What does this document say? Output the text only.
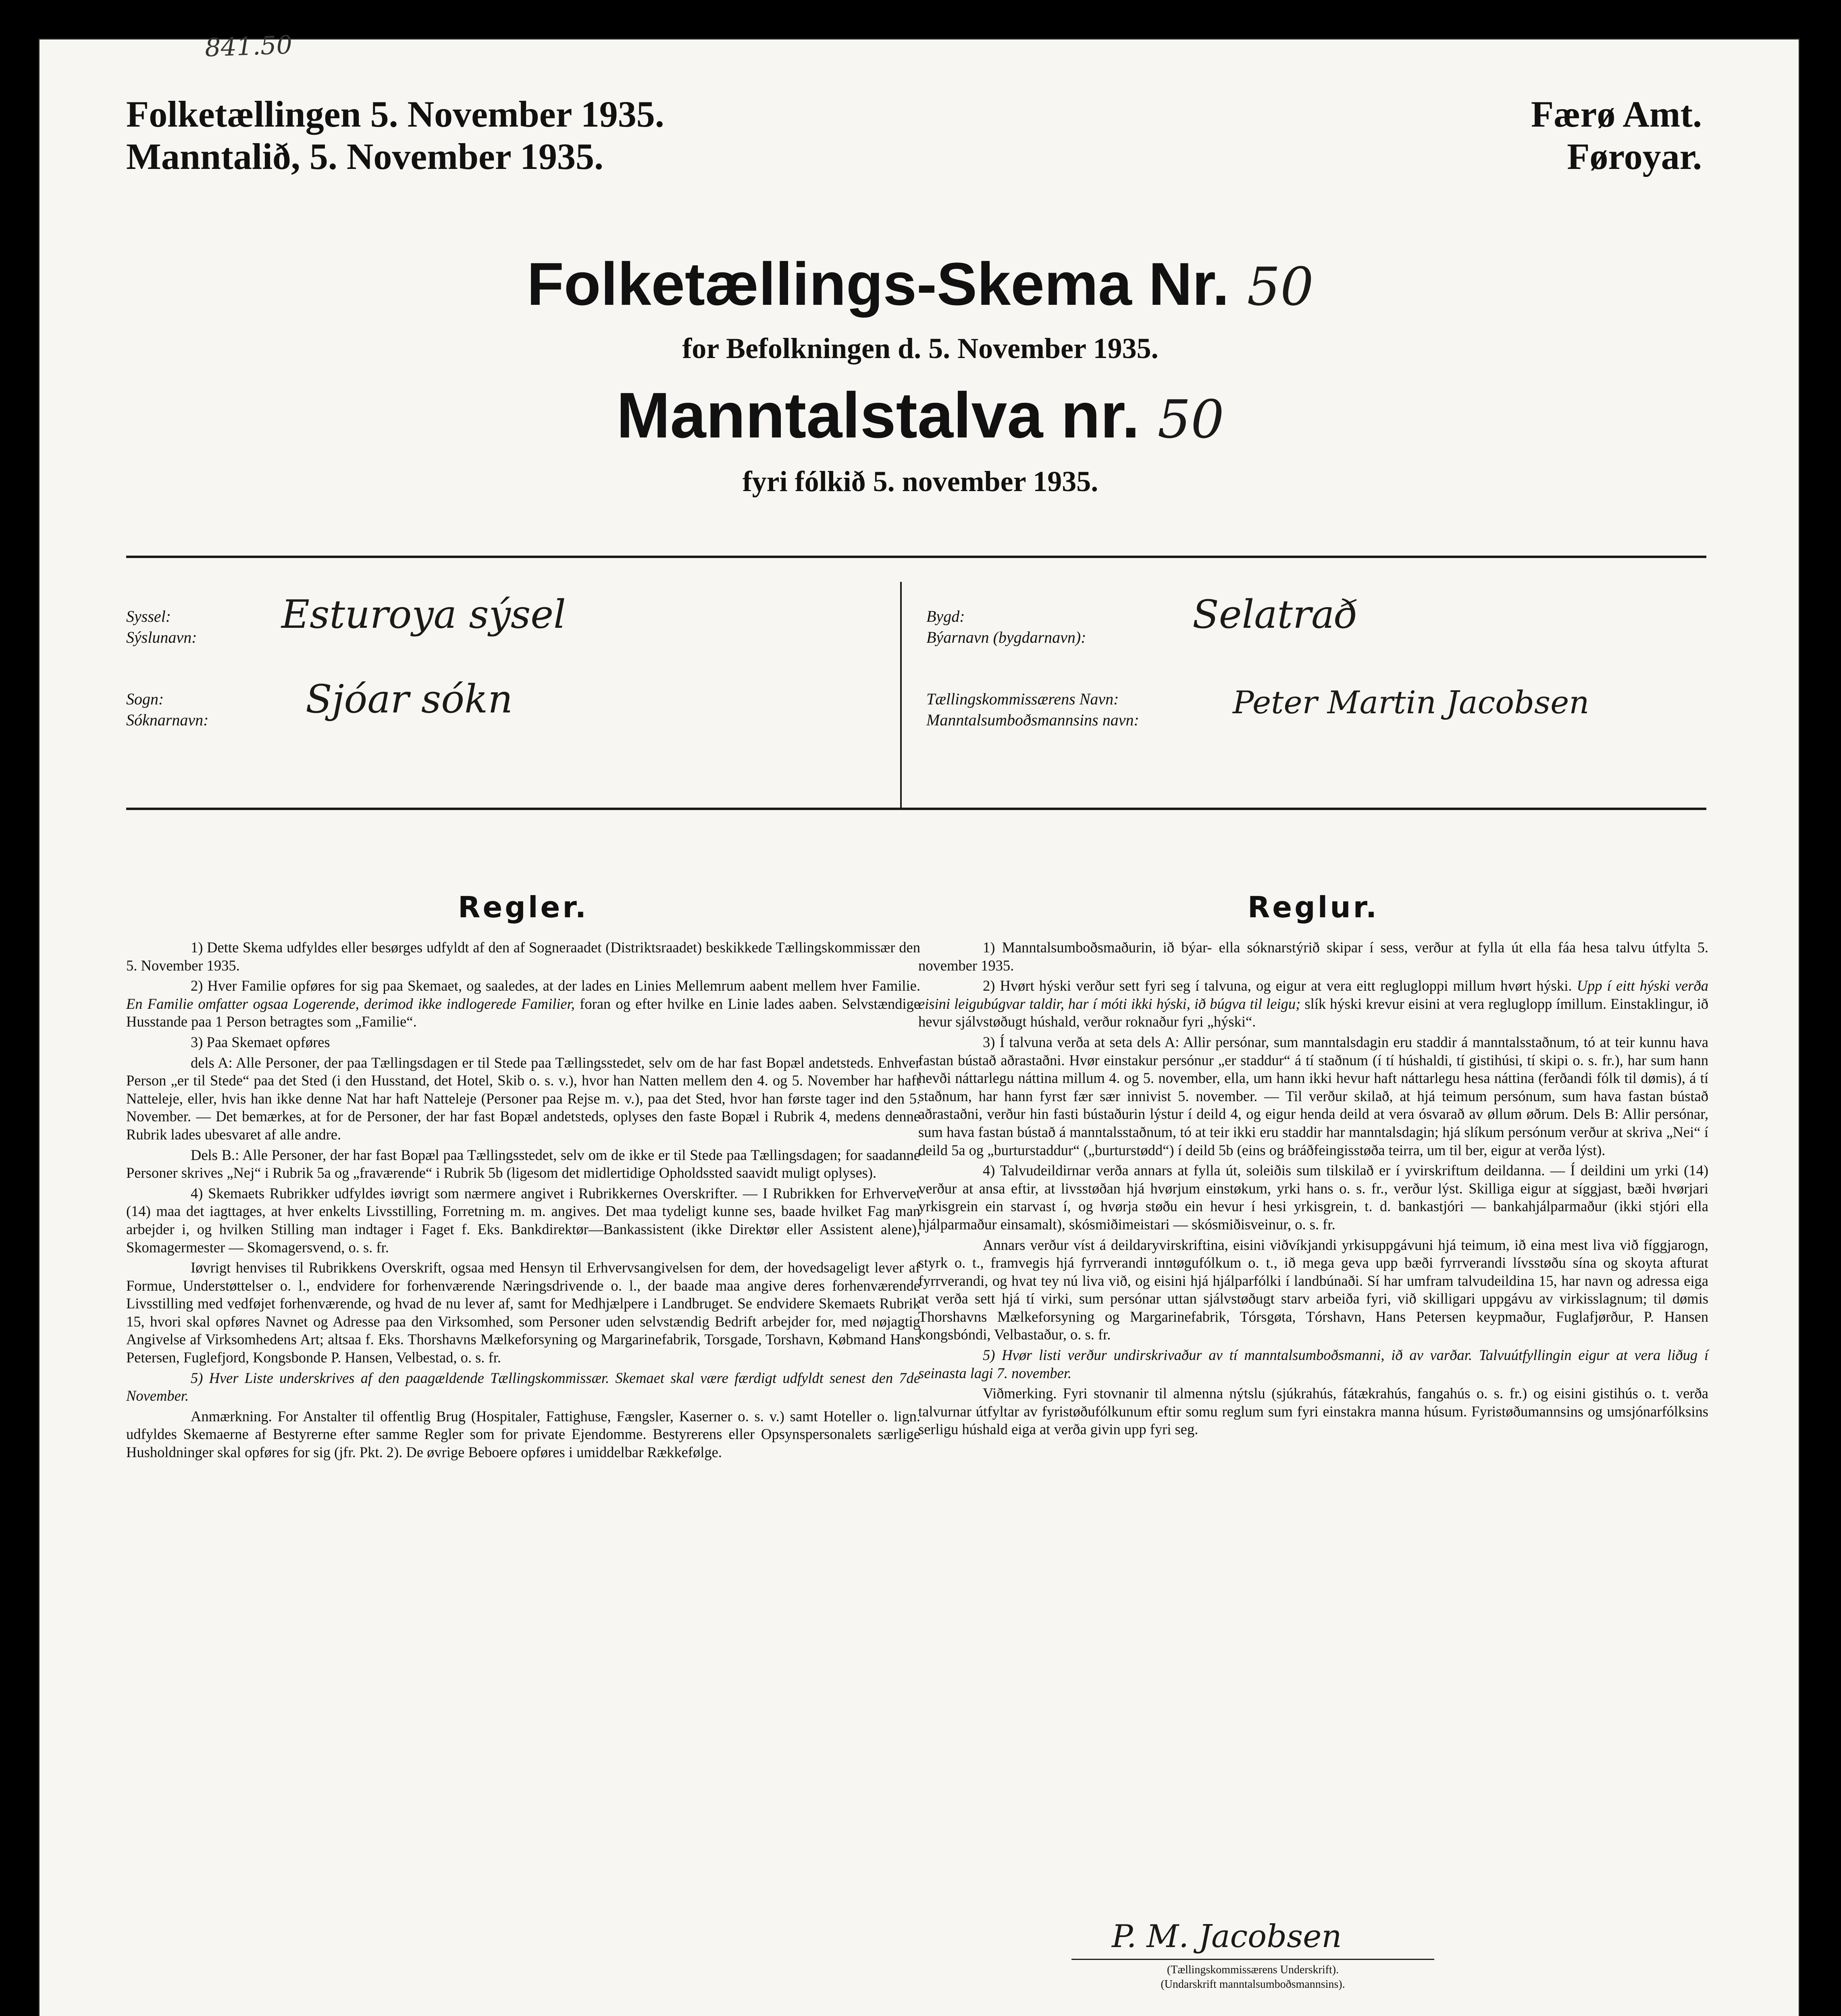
841.50
Folketællingen 5. November 1935.
Manntalið, 5. November 1935.
Færø Amt.
Føroyar.
Folketællings-Skema Nr. 50
for Befolkningen d. 5. November 1935.
Manntalstalva nr. 50
fyri fólkið 5. november 1935.
Syssel:
Sýslunavn:
Esturoya sýsel
Sogn:
Sóknarnavn:	Sjóar sókn
Bygd:
Býarnavn (bygdarnavn):
Selatrað
Tællingskommissærens Navn:
Manntalsumboðsmannsins navn:	Peter Martin Jacobsen
Regler.

1) Dette Skema udfyldes eller besørges udfyldt af den af Sogneraadet (Distriktsraadet) beskikkede Tællingskommissær den 5. November 1935.

2) Hver Familie opføres for sig paa Skemaet, og saaledes, at der lades en Linies Mellemrum aabent mellem hver Familie. En Familie omfatter ogsaa Logerende, derimod ikke indlogerede Familier, foran og efter hvilke en Linie lades aaben. Selvstændige Husstande paa 1 Person betragtes som „Familie“.

3) Paa Skemaet opføres

dels A: Alle Personer, der paa Tællingsdagen er til Stede paa Tællingsstedet, selv om de har fast Bopæl andetsteds. Enhver Person „er til Stede“ paa det Sted (i den Husstand, det Hotel, Skib o. s. v.), hvor han Natten mellem den 4. og 5. November har haft Natteleje, eller, hvis han ikke denne Nat har haft Natteleje (Personer paa Rejse m. v.), paa det Sted, hvor han første tager ind den 5. November. — Det bemærkes, at for de Personer, der har fast Bopæl andetsteds, oplyses den faste Bopæl i Rubrik 4, medens denne Rubrik lades ubesvaret af alle andre.

Dels B.: Alle Personer, der har fast Bopæl paa Tællingsstedet, selv om de ikke er til Stede paa Tællingsdagen; for saadanne Personer skrives „Nej“ i Rubrik 5a og „fraværende“ i Rubrik 5b (ligesom det midlertidige Opholdssted saavidt muligt oplyses).

4) Skemaets Rubrikker udfyldes iøvrigt som nærmere angivet i Rubrikkernes Overskrifter. — I Rubrikken for Erhvervet (14) maa det iagttages, at hver enkelts Livsstilling, Forretning m. m. angives. Det maa tydeligt kunne ses, baade hvilket Fag man arbejder i, og hvilken Stilling man indtager i Faget f. Eks. Bankdirektør—Bankassistent (ikke Direktør eller Assistent alene), Skomagermester — Skomagersvend, o. s. fr.

Iøvrigt henvises til Rubrikkens Overskrift, ogsaa med Hensyn til Erhvervsangivelsen for dem, der hovedsageligt lever af Formue, Understøttelser o. l., endvidere for forhenværende Næringsdrivende o. l., der baade maa angive deres forhenværende Livsstilling med vedføjet forhenværende, og hvad de nu lever af, samt for Medhjælpere i Landbruget. Se endvidere Skemaets Rubrik 15, hvori skal opføres Navnet og Adresse paa den Virksomhed, som Personer uden selvstændig Bedrift arbejder for, med nøjagtig Angivelse af Virksomhedens Art; altsaa f. Eks. Thorshavns Mælkeforsyning og Margarinefabrik, Torsgade, Torshavn, Købmand Hans Petersen, Fuglefjord, Kongsbonde P. Hansen, Velbestad, o. s. fr.

5) Hver Liste underskrives af den paagældende Tællingskommissær. Skemaet skal være færdigt udfyldt senest den 7de November.

Anmærkning. For Anstalter til offentlig Brug (Hospitaler, Fattighuse, Fængsler, Kaserner o. s. v.) samt Hoteller o. lign. udfyldes Skemaerne af Bestyrerne efter samme Regler som for private Ejendomme. Bestyrerens eller Opsynspersonalets særlige Husholdninger skal opføres for sig (jfr. Pkt. 2). De øvrige Beboere opføres i umiddelbar Rækkefølge.

Reglur.

1) Manntalsumboðsmaðurin, ið býar- ella sóknarstýrið skipar í sess, verður at fylla út ella fáa hesa talvu útfylta 5. november 1935.

2) Hvørt hýski verður sett fyri seg í talvuna, og eigur at vera eitt reglugloppi millum hvørt hýski. Upp í eitt hýski verða eisini leigubúgvar taldir, har í móti ikki hýski, ið búgva til leigu; slík hýski krevur eisini at vera regluglopp ímillum. Einstaklingur, ið hevur sjálvstøðugt húshald, verður roknaður fyri „hýski“.

3) Í talvuna verða at seta dels A: Allir persónar, sum manntalsdagin eru staddir á manntalsstaðnum, tó at teir kunnu hava fastan bústað aðrastaðni. Hvør einstakur persónur „er staddur“ á tí staðnum (í tí húshaldi, tí gistihúsi, tí skipi o. s. fr.), har sum hann hevði náttarlegu náttina millum 4. og 5. november, ella, um hann ikki hevur haft náttarlegu hesa náttina (ferðandi fólk til dømis), á tí staðnum, har hann fyrst fær sær innivist 5. november. — Til verður skilað, at hjá teimum persónum, sum hava fastan bústað aðrastaðni, verður hin fasti bústaðurin lýstur í deild 4, og eigur henda deild at vera ósvarað av øllum øðrum. Dels B: Allir persónar, sum hava fastan bústað á manntalsstaðnum, tó at teir ikki eru staddir har manntalsdagin; hjá slíkum persónum verður at skriva „Nei“ í deild 5a og „burturstaddur“ („burturstødd“) í deild 5b (eins og bráðfeingisstøða teirra, um til ber, eigur at verða lýst).

4) Talvudeildirnar verða annars at fylla út, soleiðis sum tilskilað er í yvirskriftum deildanna. — Í deildini um yrki (14) verður at ansa eftir, at livsstøðan hjá hvørjum einstøkum, yrki hans o. s. fr., verður lýst. Skilliga eigur at síggjast, bæði hvørjari yrkisgrein ein starvast í, og hvørja støðu ein hevur í hesi yrkisgrein, t. d. bankastjóri — bankahjálparmaður (ikki stjóri ella hjálparmaður einsamalt), skósmiðimeistari — skósmiðisveinur, o. s. fr.

Annars verður víst á deildaryvirskriftina, eisini viðvíkjandi yrkisuppgávuni hjá teimum, ið eina mest liva við fíggjarogn, styrk o. t., framvegis hjá fyrrverandi inntøgufólkum o. t., ið mega geva upp bæði fyrrverandi lívsstøðu sína og skoyta afturat fyrrverandi, og hvat tey nú liva við, og eisini hjá hjálparfólki í landbúnaði. Sí har umfram talvudeildina 15, har navn og adressa eiga at verða sett hjá tí virki, sum persónar uttan sjálvstøðugt starv arbeiða fyri, við skilligari uppgávu av virkisslagnum; til dømis Thorshavns Mælkeforsyning og Margarinefabrik, Tórsgøta, Tórshavn, Hans Petersen keypmaður, Fuglafjørður, P. Hansen kongsbóndi, Velbastaður, o. s. fr.

5) Hvør listi verður undirskrivaður av tí manntalsumboðsmanni, ið av varðar. Talvuútfyllingin eigur at vera liðug í seinasta lagi 7. november.

Viðmerking. Fyri stovnanir til almenna nýtslu (sjúkrahús, fátækrahús, fangahús o. s. fr.) og eisini gistihús o. t. verða talvurnar útfyltar av fyristøðufólkunum eftir somu reglum sum fyri einstakra manna húsum. Fyristøðumannsins og umsjónarfólksins serligu húshald eiga at verða givin upp fyri seg.

P. M. Jacobsen
(Tællingskommissærens Underskrift).
(Undarskrift manntalsumboðsmannsins).
